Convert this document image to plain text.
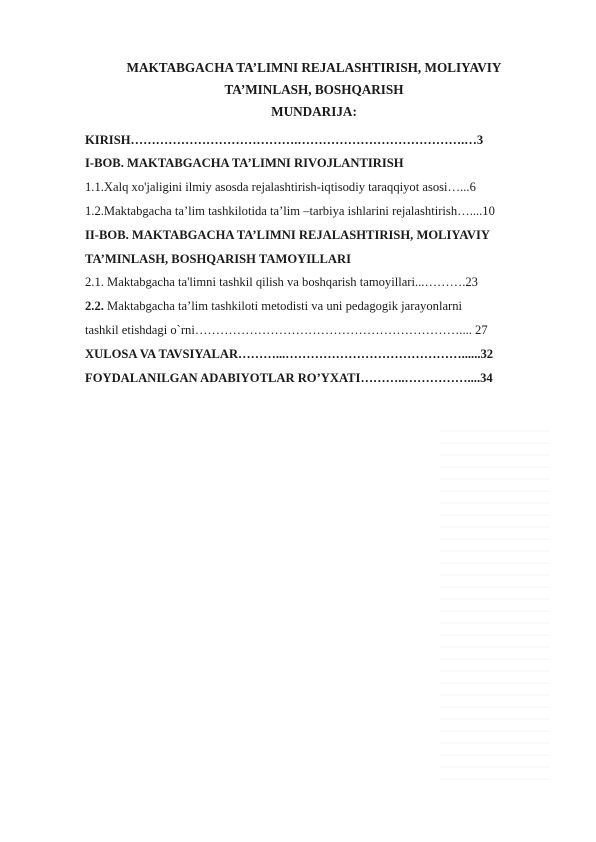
MAKTABGACHA TA’LIMNI REJALASHTIRISH, MOLIYAVIY
TA’MINLASH, BOSHQARISH
MUNDARIJA:
KIRISH………………………………….………………………………….…3
I-BOB. MAKTABGACHA TA’LIMNI RIVOJLANTIRISH
1.1.Xalq xo'jaligini ilmiy asosda rejalashtirish-iqtisodiy taraqqiyot asosi…...6
1.2.Maktabgacha ta’lim tashkilotida ta’lim –tarbiya ishlarini rejalashtirish…....10
II-BOB. MAKTABGACHA TA’LIMNI REJALASHTIRISH, MOLIYAVIY
TA’MINLASH, BOSHQARISH TAMOYILLARI
2.1. Maktabgacha ta'limni tashkil qilish va boshqarish tamoyillari...……….23
2.2. Maktabgacha ta’lim tashkiloti metodisti va uni pedagogik jarayonlarni
tashkil etishdagi o`rni……………………………………………………….... 27
XULOSA VA TAVSIYALAR………...……………………………………......32
FOYDALANILGAN ADABIYOTLAR RO’YXATI………..……………....34
